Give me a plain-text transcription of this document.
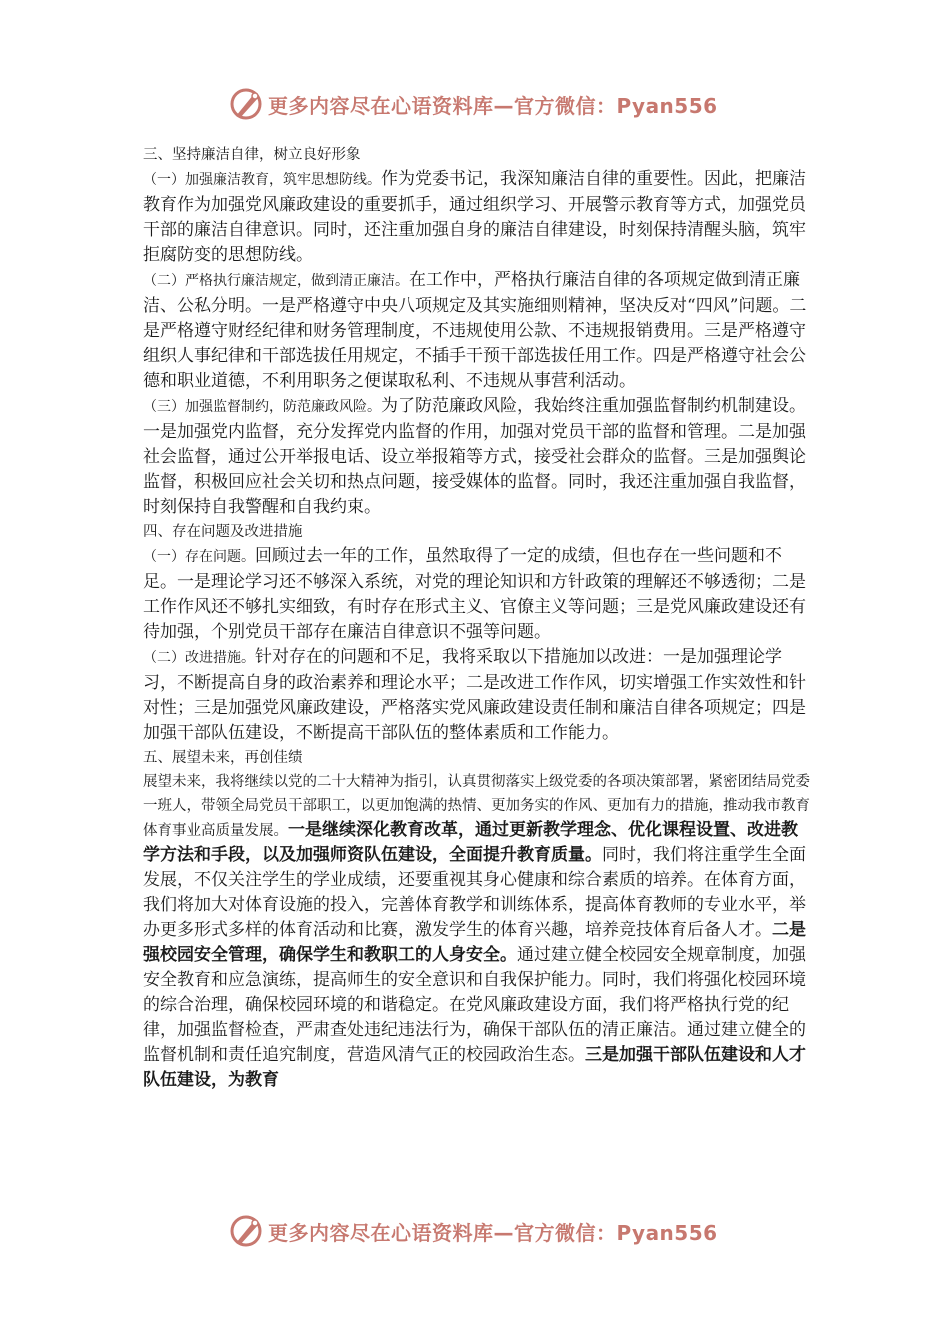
更多内容尽在心语资料库—官方微信：Pyan556

三、坚持廉洁自律，树立良好形象

（一）加强廉洁教育，筑牢思想防线。作为党委书记，我深知廉洁自律的重要性。因此，把廉洁教育作为加强党风廉政建设的重要抓手，通过组织学习、开展警示教育等方式，加强党员干部的廉洁自律意识。同时，还注重加强自身的廉洁自律建设，时刻保持清醒头脑，筑牢拒腐防变的思想防线。

（二）严格执行廉洁规定，做到清正廉洁。在工作中，严格执行廉洁自律的各项规定做到清正廉洁、公私分明。一是严格遵守中央八项规定及其实施细则精神，坚决反对“四风”问题。二是严格遵守财经纪律和财务管理制度，不违规使用公款、不违规报销费用。三是严格遵守组织人事纪律和干部选拔任用规定，不插手干预干部选拔任用工作。四是严格遵守社会公德和职业道德，不利用职务之便谋取私利、不违规从事营利活动。

（三）加强监督制约，防范廉政风险。为了防范廉政风险，我始终注重加强监督制约机制建设。一是加强党内监督，充分发挥党内监督的作用，加强对党员干部的监督和管理。二是加强社会监督，通过公开举报电话、设立举报箱等方式，接受社会群众的监督。三是加强舆论监督，积极回应社会关切和热点问题，接受媒体的监督。同时，我还注重加强自我监督，时刻保持自我警醒和自我约束。

四、存在问题及改进措施

（一）存在问题。回顾过去一年的工作，虽然取得了一定的成绩，但也存在一些问题和不足。一是理论学习还不够深入系统，对党的理论知识和方针政策的理解还不够透彻；二是工作作风还不够扎实细致，有时存在形式主义、官僚主义等问题；三是党风廉政建设还有待加强，个别党员干部存在廉洁自律意识不强等问题。

（二）改进措施。针对存在的问题和不足，我将采取以下措施加以改进：一是加强理论学习，不断提高自身的政治素养和理论水平；二是改进工作作风，切实增强工作实效性和针对性；三是加强党风廉政建设，严格落实党风廉政建设责任制和廉洁自律各项规定；四是加强干部队伍建设，不断提高干部队伍的整体素质和工作能力。

五、展望未来，再创佳绩

展望未来，我将继续以党的二十大精神为指引，认真贯彻落实上级党委的各项决策部署，紧密团结局党委一班人，带领全局党员干部职工，以更加饱满的热情、更加务实的作风、更加有力的措施，推动我市教育体育事业高质量发展。一是继续深化教育改革，通过更新教学理念、优化课程设置、改进教学方法和手段，以及加强师资队伍建设，全面提升教育质量。同时，我们将注重学生全面发展，不仅关注学生的学业成绩，还要重视其身心健康和综合素质的培养。在体育方面，我们将加大对体育设施的投入，完善体育教学和训练体系，提高体育教师的专业水平，举办更多形式多样的体育活动和比赛，激发学生的体育兴趣，培养竞技体育后备人才。二是强校园安全管理，确保学生和教职工的人身安全。通过建立健全校园安全规章制度，加强安全教育和应急演练，提高师生的安全意识和自我保护能力。同时，我们将强化校园环境的综合治理，确保校园环境的和谐稳定。在党风廉政建设方面，我们将严格执行党的纪律，加强监督检查，严肃查处违纪违法行为，确保干部队伍的清正廉洁。通过建立健全的监督机制和责任追究制度，营造风清气正的校园政治生态。三是加强干部队伍建设和人才队伍建设，为教育

更多内容尽在心语资料库—官方微信：Pyan556
